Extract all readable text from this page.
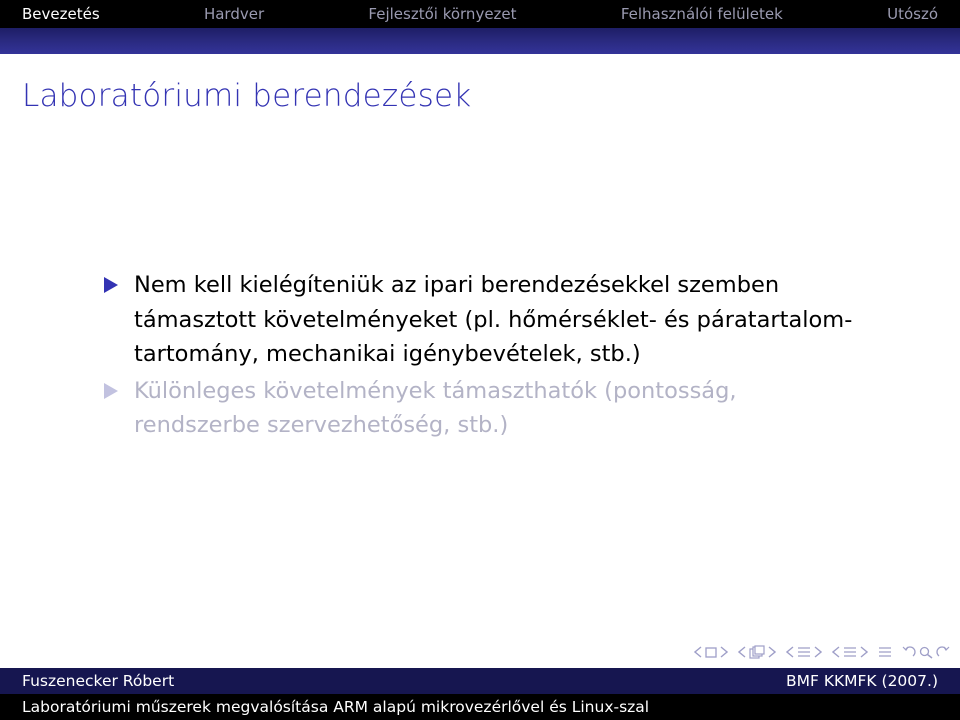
Bevezetés	Hardver	Fejlesztői környezet	Felhasználói felületek	Utószó
Laboratóriumi berendezések
Nem kell kielégíteniük az ipari berendezésekkel szemben támasztott követelményeket (pl. hőmérséklet- és páratartalom-tartomány, mechanikai igénybevételek, stb.)
Különleges követelmények támaszthatók (pontosság, rendszerbe szervezhetőség, stb.)
Fuszenecker Róbert	BMF KKMFK (2007.)
Laboratóriumi műszerek megvalósítása ARM alapú mikrovezérlővel és Linux-szal
